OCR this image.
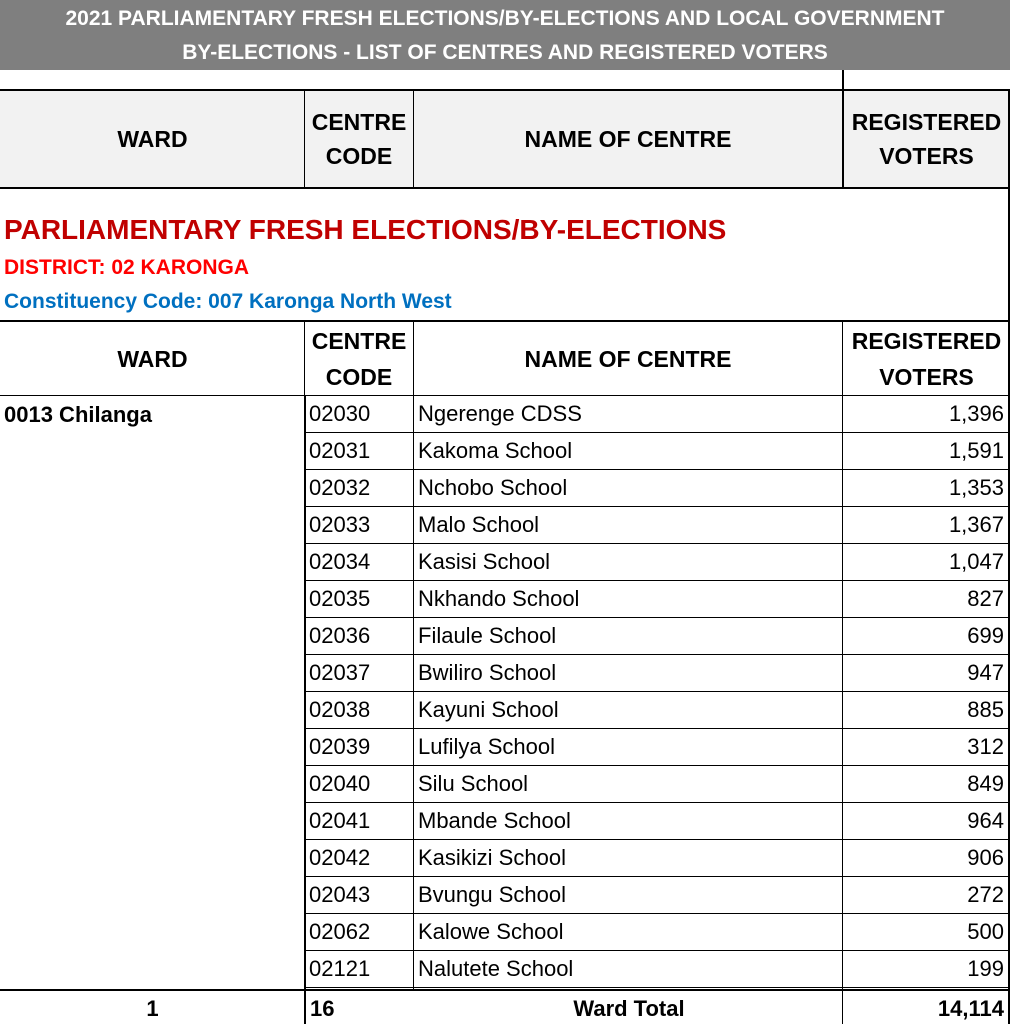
2021 PARLIAMENTARY FRESH ELECTIONS/BY-ELECTIONS AND LOCAL GOVERNMENT
BY-ELECTIONS - LIST OF CENTRES AND REGISTERED VOTERS
WARD
CENTRE
CODE
NAME OF CENTRE
REGISTERED
VOTERS
PARLIAMENTARY FRESH ELECTIONS/BY-ELECTIONS
DISTRICT: 02 KARONGA
Constituency Code: 007 Karonga North West
WARD
CENTRE
CODE
NAME OF CENTRE
REGISTERED
VOTERS
0013 Chilanga	02030 Ngerenge CDSS	1,396
02031 Kakoma School	1,591
02032 Nchobo School	1,353
02033 Malo School	1,367
02034 Kasisi School	1,047
02035 Nkhando School	827
02036 Filaule School	699
02037 Bwiliro School	947
02038 Kayuni School	885
02039 Lufilya School	312
02040 Silu School	849
02041 Mbande School	964
02042 Kasikizi School	906
02043 Bvungu School	272
02062 Kalowe School	500
02121 Nalutete School	199
1	16	Ward Total	14,114
